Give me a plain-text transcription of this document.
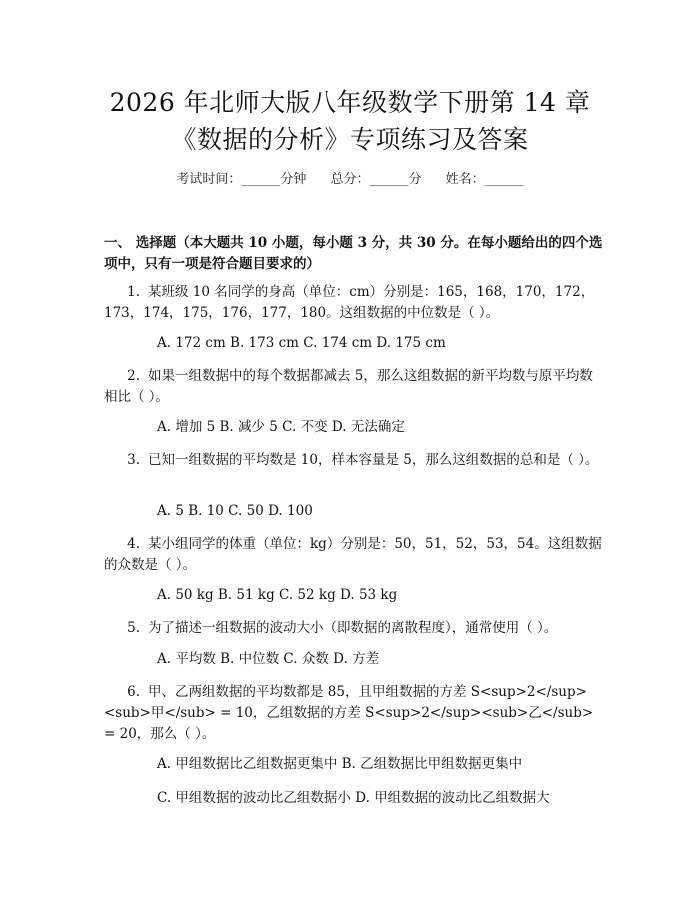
2026 年北师大版八年级数学下册第 14 章

《数据的分析》专项练习及答案

考试时间：______分钟 总分：______分 姓名：______
一、 选择题（本大题共 10 小题，每小题 3 分，共 30 分。在每小题给出的四个选项中，只有一项是符合题目要求的）
1. 某班级 10 名同学的身高（单位：cm）分别是：165，168，170，172，173，174，175，176，177，180。这组数据的中位数是（ ）。
A. 172 cm B. 173 cm C. 174 cm D. 175 cm
2. 如果一组数据中的每个数据都减去 5，那么这组数据的新平均数与原平均数相比（ ）。
A. 增加 5 B. 减少 5 C. 不变 D. 无法确定
3. 已知一组数据的平均数是 10，样本容量是 5，那么这组数据的总和是（ ）。
A. 5 B. 10 C. 50 D. 100
4. 某小组同学的体重（单位：kg）分别是：50，51，52，53，54。这组数据的众数是（ ）。
A. 50 kg B. 51 kg C. 52 kg D. 53 kg
5. 为了描述一组数据的波动大小（即数据的离散程度），通常使用（ ）。
A. 平均数 B. 中位数 C. 众数 D. 方差
6. 甲、乙两组数据的平均数都是 85，且甲组数据的方差 S<sup>2</sup><sub>甲</sub> = 10，乙组数据的方差 S<sup>2</sup><sub>乙</sub> = 20，那么（ ）。
A. 甲组数据比乙组数据更集中 B. 乙组数据比甲组数据更集中
C. 甲组数据的波动比乙组数据小 D. 甲组数据的波动比乙组数据大
